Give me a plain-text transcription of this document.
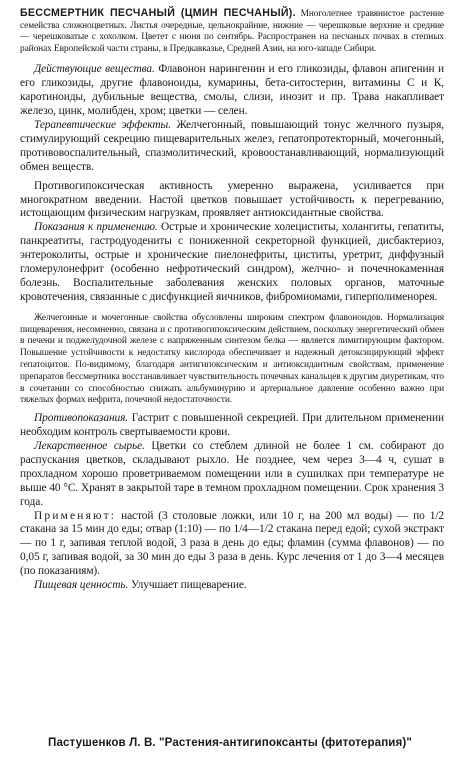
БЕССМЕРТНИК ПЕСЧАНЫЙ (ЦМИН ПЕСЧАНЫЙ). Многолетнее травянистое растение семейства сложноцветных. Листья очередные, цельнокрайние, нижние — черешковые верхние и средние — черешковатые с хохолком. Цветет с июня по сентябрь. Распространен на песчаных почвах в степных районах Европейской части страны, в Предкавказье, Средней Азии, на юго-западе Сибири.

Действующие вещества. Флавонон нарингенин и его гликозиды, флавон апигенин и его гликозиды, другие флавоноиды, кумарины, бета-ситостерин, витамины С и К, каротиноиды, дубильные вещества, смолы, слизи, инозит и пр. Трава накапливает железо, цинк, молибден, хром; цветки — селен.

Терапевтические эффекты. Желчегонный, повышающий тонус желчного пузыря, стимулирующий секрецию пищеварительных желез, гепатопротекторный, мочегонный, противовоспалительный, спазмолитический, кровоостанавливающий, нормализующий обмен веществ.

Противогипоксическая активность умеренно выражена, усиливается при многократном введении. Настой цветков повышает устойчивость к перегреванию, истощающим физическим нагрузкам, проявляет антиоксидантные свойства.

Показания к применению. Острые и хронические холециститы, холангиты, гепатиты, панкреатиты, гастродуодениты с пониженной секреторной функцией, дисбактериоз, энтероколиты, острые и хронические пиелонефриты, циститы, уретрит, диффузный гломерулонефрит (особенно нефротический синдром), желчно- и почечнокаменная болезнь. Воспалительные заболевания женских половых органов, маточные кровотечения, связанные с дисфункцией яичников, фибромиомами, гиперполименорея.

Желчегонные и мочегонные свойства обусловлены широким спектром флавоноидов. Нормализация пищеварения, несомненно, связана и с противогипоксическим действием, поскольку энергетический обмен в печени и поджелудочной железе с напряженным синтезом белка — является лимитирующим фактором. Повышение устойчивости к недостатку кислорода обеспечивает и надежный детоксицирующий эффект гепатоцитов. По-видимому, благодаря антигипоксическим и антиоксидантным свойствам, применение препаратов бессмертника восстанавливает чувствительность почечных канальцев к другим диуретикам, что в сочетании со способностью снижать альбуминурию и артериальное давление особенно важно при тяжелых формах нефрита, почечной недостаточности.

Противопоказания. Гастрит с повышенной секрецией. При длительном применении необходим контроль свертываемости крови.

Лекарственное сырье. Цветки со стеблем длиной не более 1 см. собирают до распускания цветков, складывают рыхло. Не позднее, чем через 3—4 ч, сушат в прохладном хорошо проветриваемом помещении или в сушилках при температуре не выше 40 °С. Хранят в закрытой таре в темном прохладном помещении. Срок хранения 3 года.

Применяют: настой (3 столовые ложки, или 10 г, на 200 мл воды) — по 1/2 стакана за 15 мин до еды; отвар (1:10) — по 1/4—1/2 стакана перед едой; сухой экстракт — по 1 г, запивая теплой водой, 3 раза в день до еды; фламин (сумма флавонов) — по 0,05 г, запивая водой, за 30 мин до еды 3 раза в день. Курс лечения от 1 до 3—4 месяцев (по показаниям).

Пищевая ценность. Улучшает пищеварение.

Пастушенков Л. В. "Растения-антигипоксанты (фитотерапия)"
